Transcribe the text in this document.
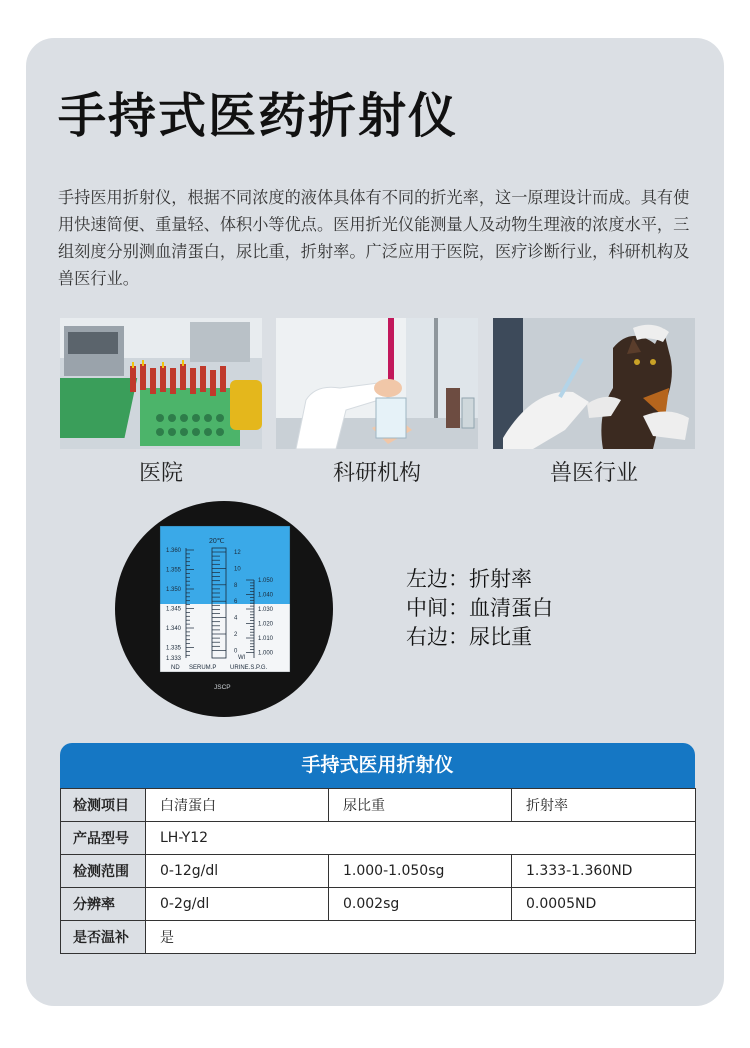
手持式医药折射仪

手持医用折射仪，根据不同浓度的液体具体有不同的折光率，这一原理设计而成。具有使用快速简便、重量轻、体积小等优点。医用折光仪能测量人及动物生理液的浓度水平，三组刻度分别测血清蛋白，尿比重，折射率。广泛应用于医院，医疗诊断行业，科研机构及兽医行业。

医院	科研机构	兽医行业
20℃
1.360
1.355
1.350
1.345
1.340
1.335
1.333
12
10
8
6
4
2
0
1.050
1.040
1.030
1.020
1.010
1.000
Wl
ND SERUM.P URINE.S.P.G.
JSCP
左边：折射率
中间：血清蛋白
右边：尿比重
手持式医用折射仪
检测项目	白清蛋白	尿比重	折射率
产品型号	LH-Y12		
检测范围	0-12g/dl	1.000-1.050sg	1.333-1.360ND
分辨率	0-2g/dl	0.002sg	0.0005ND
是否温补	是		
